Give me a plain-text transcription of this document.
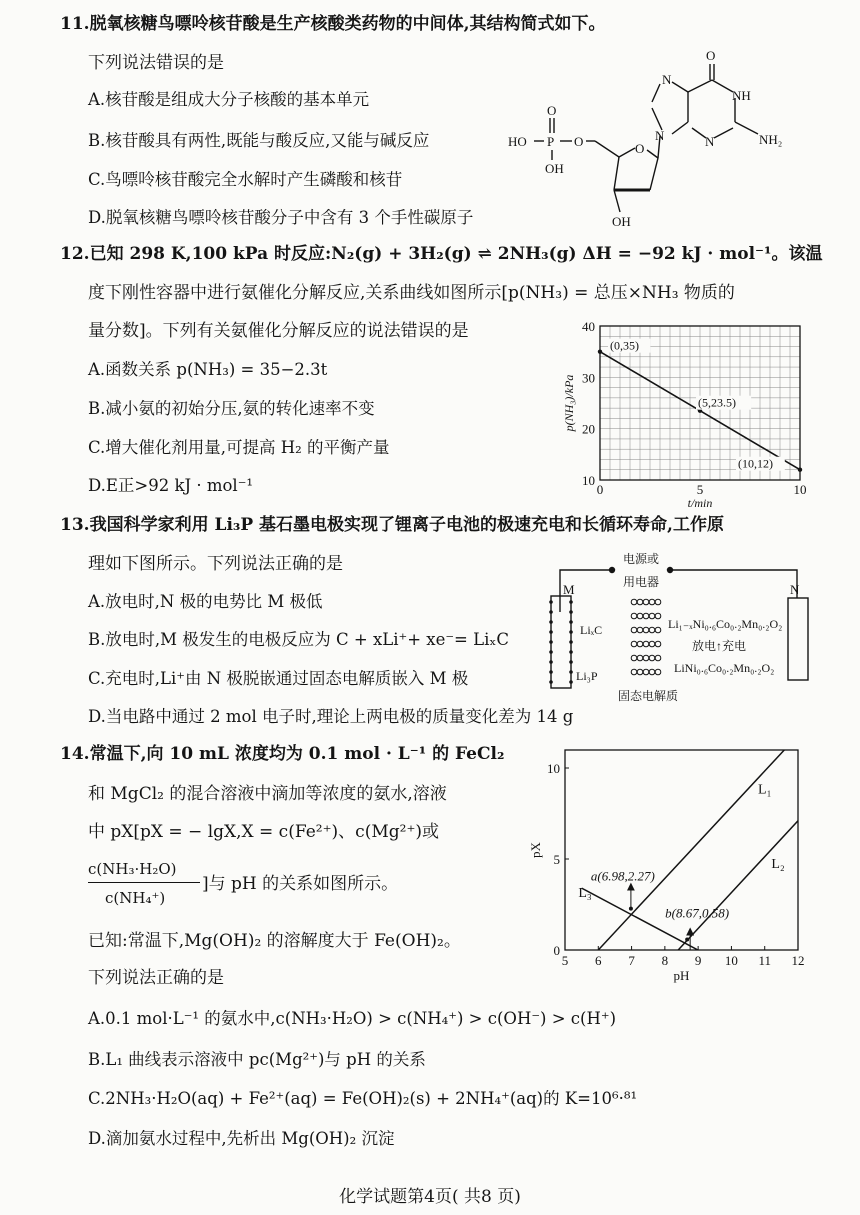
11.脱氧核糖鸟嘌呤核苷酸是生产核酸类药物的中间体,其结构简式如下。
下列说法错误的是
A.核苷酸是组成大分子核酸的基本单元
B.核苷酸具有两性,既能与酸反应,又能与碱反应
C.鸟嘌呤核苷酸完全水解时产生磷酸和核苷
D.脱氧核糖鸟嘌呤核苷酸分子中含有 3 个手性碳原子
O
NH
N
N
N	NH₂
HO P
O
O
OH
O
OH
12.已知 298 K,100 kPa 时反应:N₂(g) + 3H₂(g) ⇌ 2NH₃(g) ΔH = −92 kJ · mol⁻¹。该温
度下刚性容器中进行氨催化分解反应,关系曲线如图所示[p(NH₃) = 总压×NH₃ 物质的
量分数]。下列有关氨催化分解反应的说法错误的是
A.函数关系 p(NH₃) = 35−2.3t
B.减小氨的初始分压,氨的转化速率不变
C.增大催化剂用量,可提高 H₂ 的平衡产量
D.E正>92 kJ · mol⁻¹	10
20
30
40
0	5	10
t/min
p(NH₃)/kPa
(0,35)
(5,23.5)
(10,12)
13.我国科学家利用 Li₃P 基石墨电极实现了锂离子电池的极速充电和长循环寿命,工作原
理如下图所示。下列说法正确的是
A.放电时,N 极的电势比 M 极低
B.放电时,M 极发生的电极反应为 C + xLi⁺+ xe⁻= LiₓC
C.充电时,Li⁺由 N 极脱嵌通过固态电解质嵌入 M 极
D.当电路中通过 2 mol 电子时,理论上两电极的质量变化差为 14 g
电源或
用电器
M	N
LiₓC
Li₃P
Li₁₋ₓNi₀.₆Co₀.₂Mn₀.₂O₂
放电↑充电
LiNi₀.₆Co₀.₂Mn₀.₂O₂
固态电解质
14.常温下,向 10 mL 浓度均为 0.1 mol · L⁻¹ 的 FeCl₂
和 MgCl₂ 的混合溶液中滴加等浓度的氨水,溶液
中 pX[pX = − lgX,X = c(Fe²⁺)、c(Mg²⁺)或
c(NH₃·H₂O)
c(NH₄⁺)
]与 pH 的关系如图所示。
已知:常温下,Mg(OH)₂ 的溶解度大于 Fe(OH)₂。
下列说法正确的是
A.0.1 mol·L⁻¹ 的氨水中,c(NH₃·H₂O) > c(NH₄⁺) > c(OH⁻) > c(H⁺)
B.L₁ 曲线表示溶液中 pc(Mg²⁺)与 pH 的关系
C.2NH₃·H₂O(aq) + Fe²⁺(aq) = Fe(OH)₂(s) + 2NH₄⁺(aq)的 K=10⁶·⁸¹
D.滴加氨水过程中,先析出 Mg(OH)₂ 沉淀
5 6 7 8 9 10 11 12
0
5
10
pH
pX
L₁
L₂
L₃
a(6.98,2.27)
b(8.67,0.58)
化学试题第4页( 共8 页)
